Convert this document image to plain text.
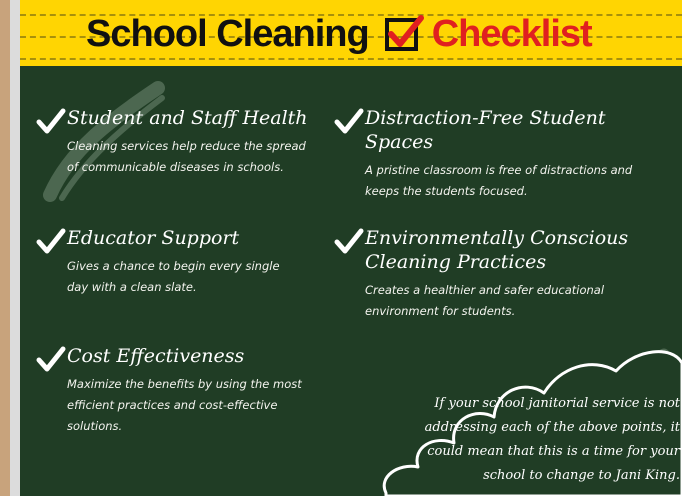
School Cleaning Checklist
Student and Staff Health

Cleaning services help reduce the spread of communicable diseases in schools.

Distraction-Free Student Spaces

A pristine classroom is free of distractions and keeps the students focused.

Educator Support

Gives a chance to begin every single day with a clean slate.

Environmentally Conscious Cleaning Practices

Creates a healthier and safer educational environment for students.

Cost Effectiveness

Maximize the benefits by using the most efficient practices and cost-effective solutions.

If your school janitorial service is not addressing each of the above points, it could mean that this is a time for your school to change to Jani King.
